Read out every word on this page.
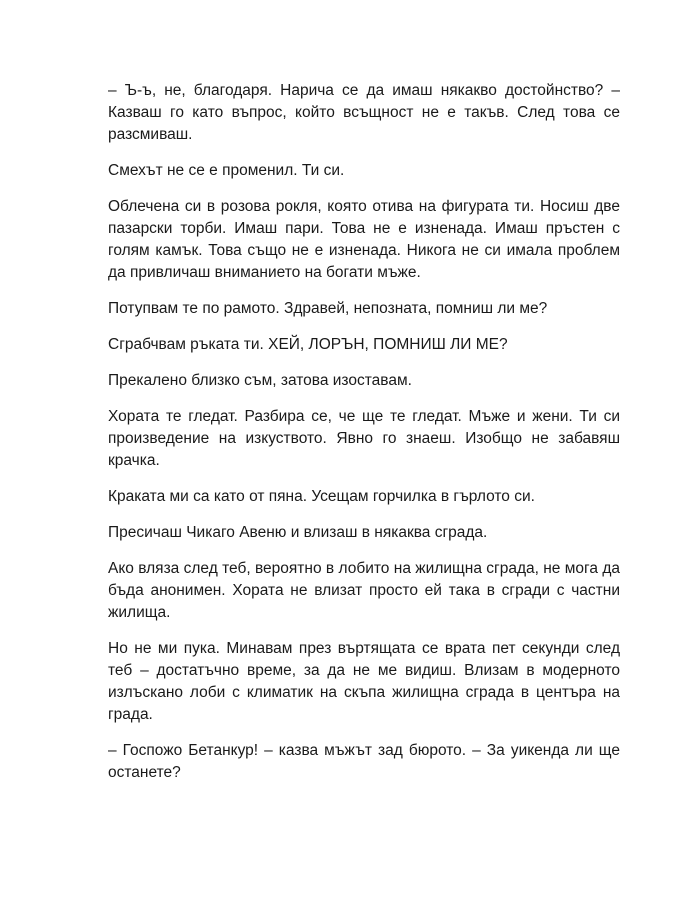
– Ъ-ъ, не, благодаря. Нарича се да имаш някакво достойнство? – Казваш го като въпрос, който всъщност не е такъв. След това се разсмиваш.

Смехът не се е променил. Ти си.

Облечена си в розова рокля, която отива на фигурата ти. Носиш две пазарски торби. Имаш пари. Това не е изненада. Имаш пръстен с голям камък. Това също не е изненада. Никога не си имала проблем да привличаш вниманието на богати мъже.

Потупвам те по рамото. Здравей, непозната, помниш ли ме?

Сграбчвам ръката ти. ХЕЙ, ЛОРЪН, ПОМНИШ ЛИ МЕ?

Прекалено близко съм, затова изоставам.

Хората те гледат. Разбира се, че ще те гледат. Мъже и жени. Ти си произведение на изкуството. Явно го знаеш. Изобщо не забавяш крачка.

Краката ми са като от пяна. Усещам горчилка в гърлото си.

Пресичаш Чикаго Авеню и влизаш в някаква сграда.

Ако вляза след теб, вероятно в лобито на жилищна сграда, не мога да бъда анонимен. Хората не влизат просто ей така в сгради с частни жилища.

Но не ми пука. Минавам през въртящата се врата пет секунди след теб – достатъчно време, за да не ме видиш. Влизам в модерното излъскано лоби с климатик на скъпа жилищна сграда в центъра на града.

– Госпожо Бетанкур! – казва мъжът зад бюрото. – За уикенда ли ще останете?
